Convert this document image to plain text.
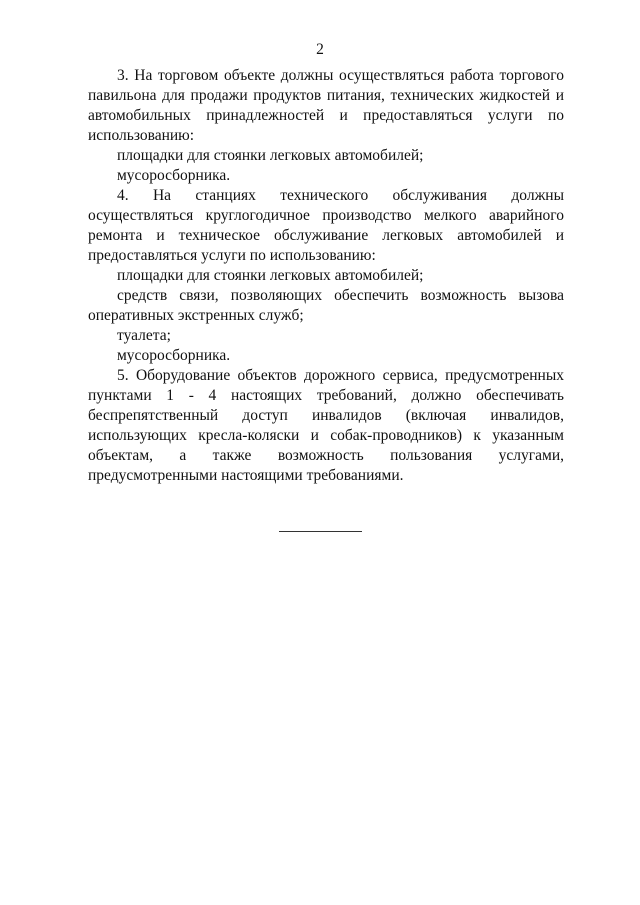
2

3. На торговом объекте должны осуществляться работа торгового павильона для продажи продуктов питания, технических жидкостей и автомобильных принадлежностей и предоставляться услуги по использованию:

площадки для стоянки легковых автомобилей;

мусоросборника.

4. На станциях технического обслуживания должны осуществляться круглогодичное производство мелкого аварийного ремонта и техническое обслуживание легковых автомобилей и предоставляться услуги по использованию:

площадки для стоянки легковых автомобилей;

средств связи, позволяющих обеспечить возможность вызова оперативных экстренных служб;

туалета;

мусоросборника.

5. Оборудование объектов дорожного сервиса, предусмотренных пунктами 1 - 4 настоящих требований, должно обеспечивать беспрепятственный доступ инвалидов (включая инвалидов, использующих кресла-коляски и собак-проводников) к указанным объектам, а также возможность пользования услугами, предусмотренными настоящими требованиями.
